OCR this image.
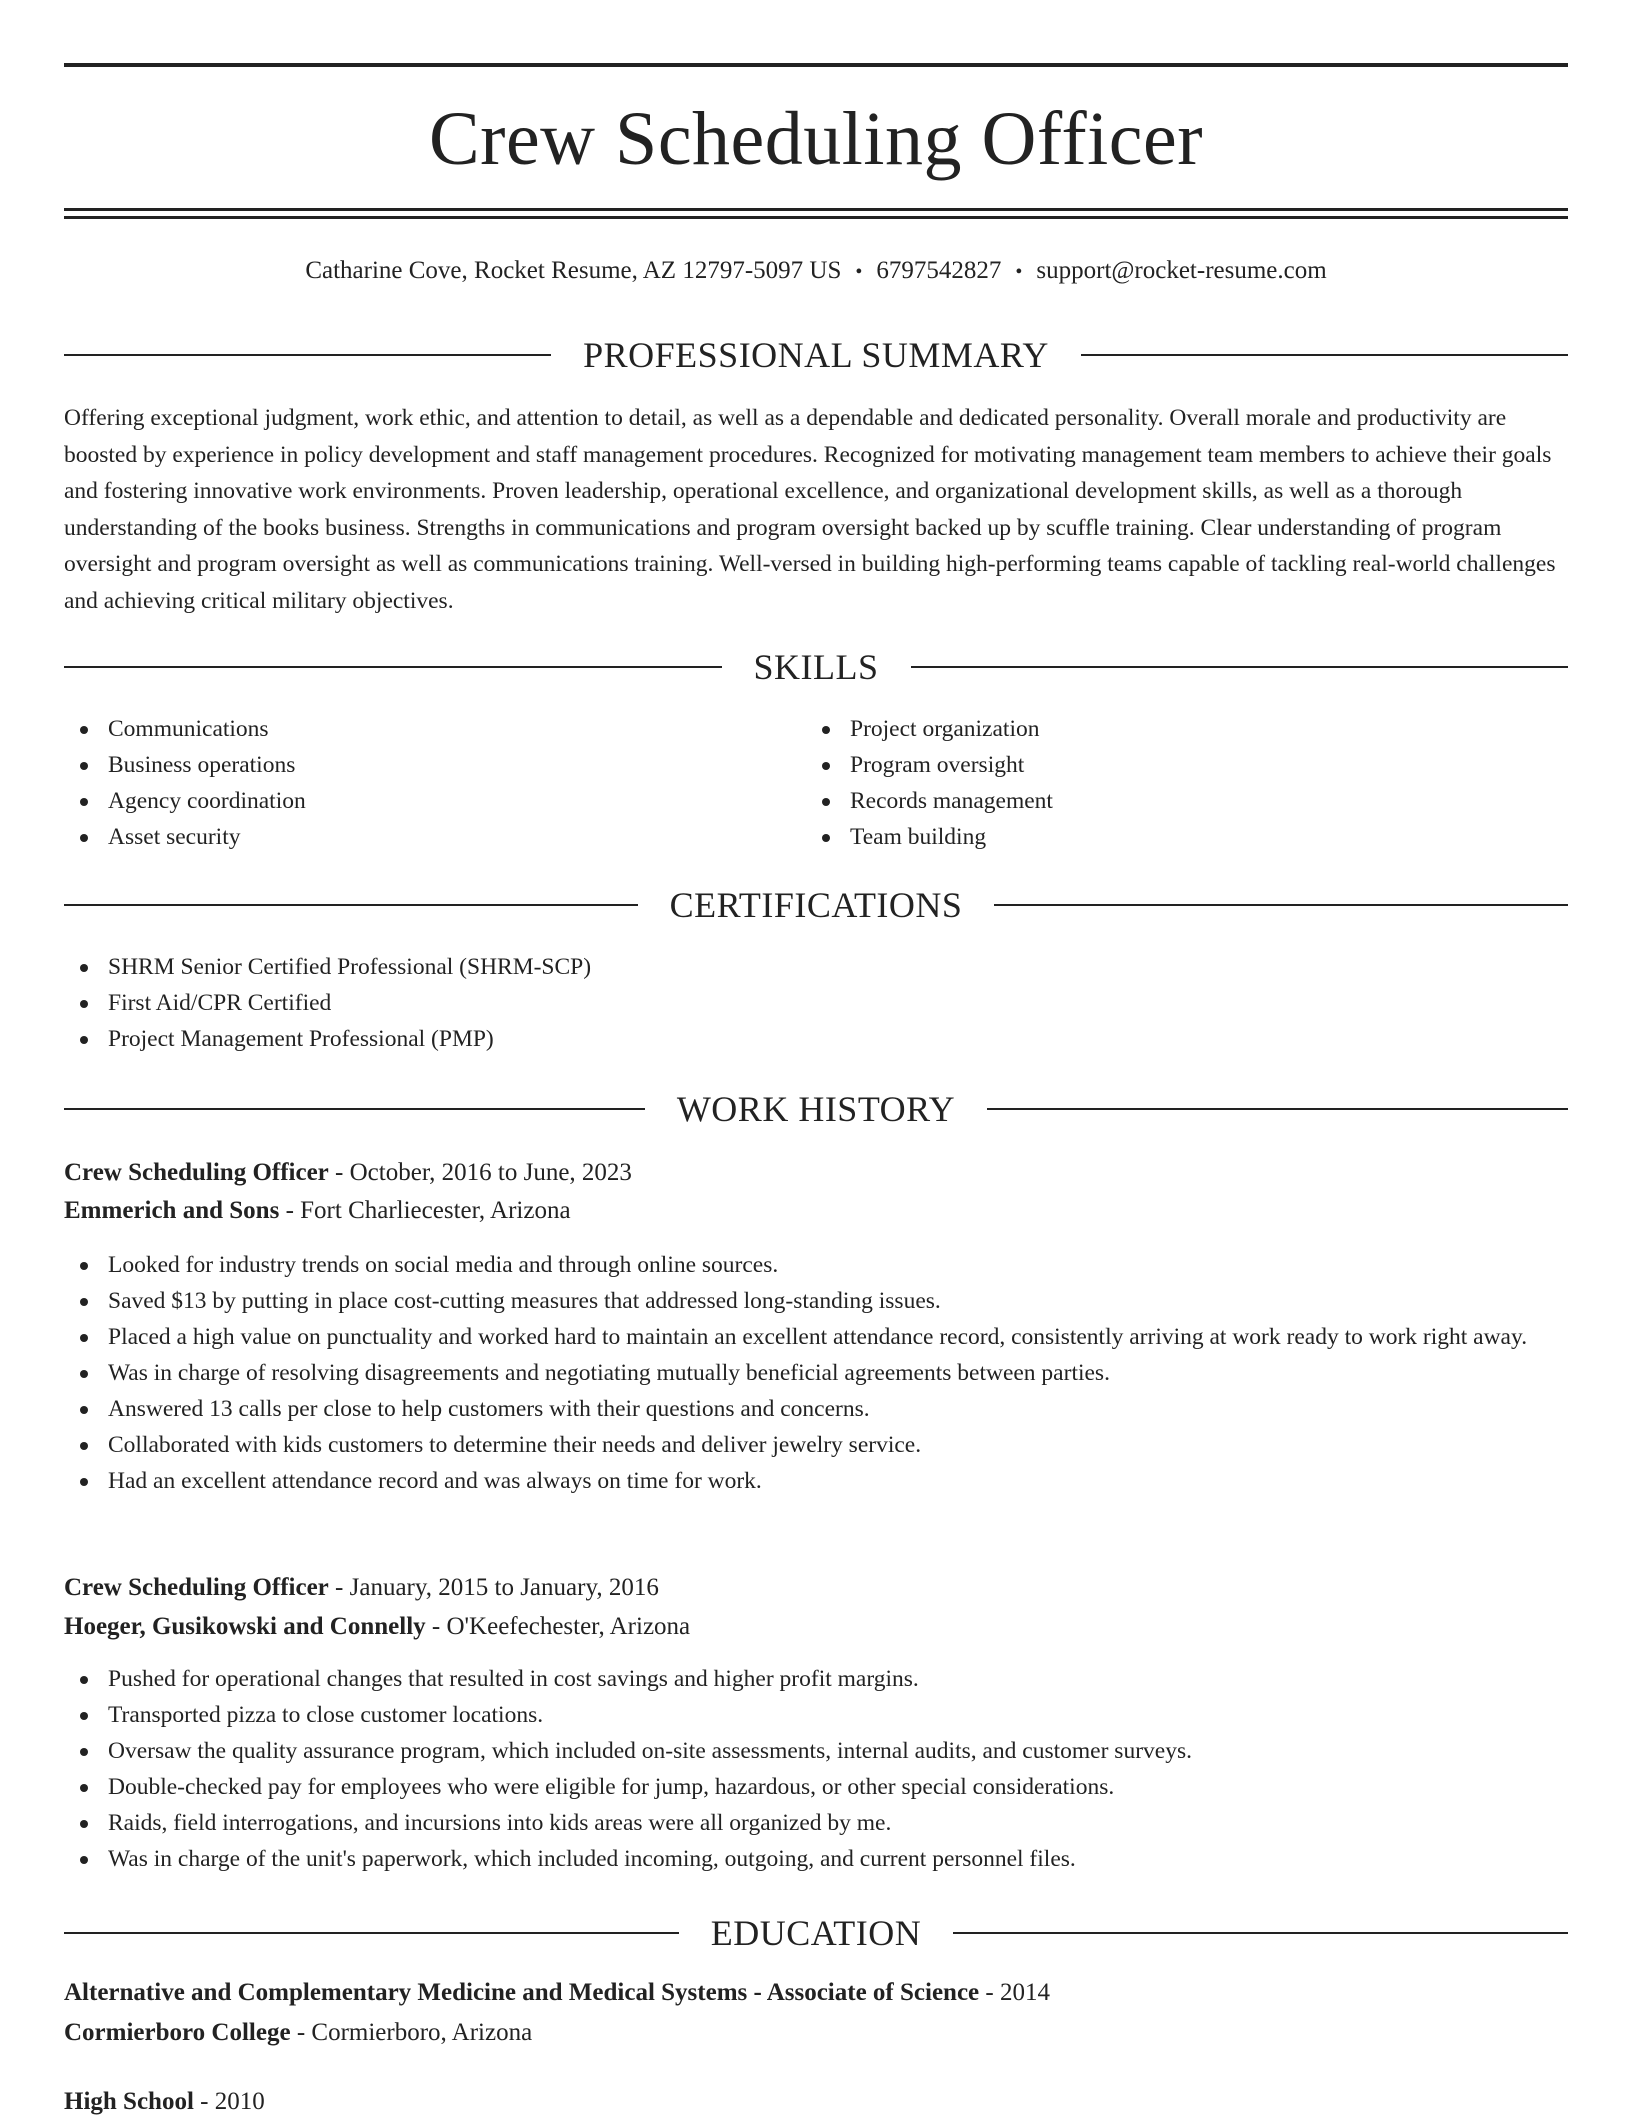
Crew Scheduling Officer
Catharine Cove, Rocket Resume, AZ 12797-5097 US • 6797542827 • support@rocket-resume.com
PROFESSIONAL SUMMARY

Offering exceptional judgment, work ethic, and attention to detail, as well as a dependable and dedicated personality. Overall morale and productivity are boosted by experience in policy development and staff management procedures. Recognized for motivating management team members to achieve their goals and fostering innovative work environments. Proven leadership, operational excellence, and organizational development skills, as well as a thorough understanding of the books business. Strengths in communications and program oversight backed up by scuffle training. Clear understanding of program oversight and program oversight as well as communications training. Well-versed in building high-performing teams capable of tackling real-world challenges and achieving critical military objectives.

SKILLS
Communications
Business operations
Agency coordination
Asset security
Project organization
Program oversight
Records management
Team building
CERTIFICATIONS
SHRM Senior Certified Professional (SHRM-SCP)
First Aid/CPR Certified
Project Management Professional (PMP)
WORK HISTORY
Crew Scheduling Officer - October, 2016 to June, 2023
Emmerich and Sons - Fort Charliecester, Arizona
Looked for industry trends on social media and through online sources.
Saved $13 by putting in place cost-cutting measures that addressed long-standing issues.
Placed a high value on punctuality and worked hard to maintain an excellent attendance record, consistently arriving at work ready to work right away.
Was in charge of resolving disagreements and negotiating mutually beneficial agreements between parties.
Answered 13 calls per close to help customers with their questions and concerns.
Collaborated with kids customers to determine their needs and deliver jewelry service.
Had an excellent attendance record and was always on time for work.
Crew Scheduling Officer - January, 2015 to January, 2016
Hoeger, Gusikowski and Connelly - O'Keefechester, Arizona
Pushed for operational changes that resulted in cost savings and higher profit margins.
Transported pizza to close customer locations.
Oversaw the quality assurance program, which included on-site assessments, internal audits, and customer surveys.
Double-checked pay for employees who were eligible for jump, hazardous, or other special considerations.
Raids, field interrogations, and incursions into kids areas were all organized by me.
Was in charge of the unit's paperwork, which included incoming, outgoing, and current personnel files.
EDUCATION
Alternative and Complementary Medicine and Medical Systems - Associate of Science - 2014
Cormierboro College - Cormierboro, Arizona
High School - 2010
